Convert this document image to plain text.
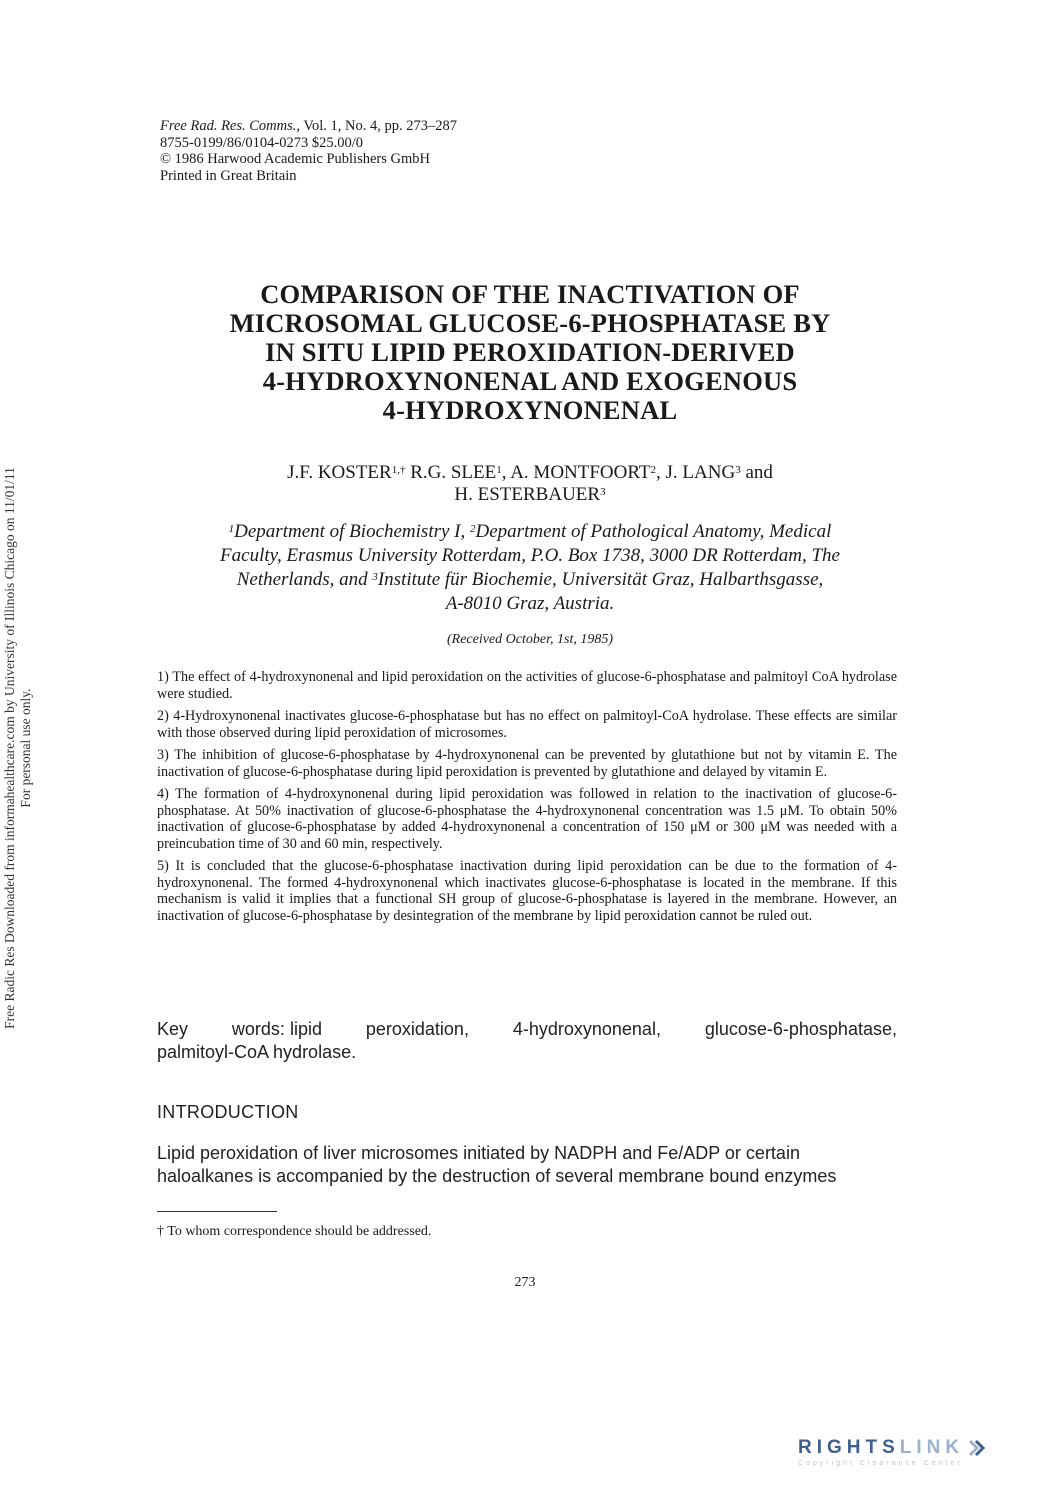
Free Rad. Res. Comms., Vol. 1, No. 4, pp. 273–287
8755-0199/86/0104-0273 $25.00/0
© 1986 Harwood Academic Publishers GmbH
Printed in Great Britain
COMPARISON OF THE INACTIVATION OF
MICROSOMAL GLUCOSE-6-PHOSPHATASE BY
IN SITU LIPID PEROXIDATION-DERIVED
4-HYDROXYNONENAL AND EXOGENOUS
4-HYDROXYNONENAL
J.F. $KOSTER^{1,\dagger}$ R.G. SLEE$^1$, A. MONTFOORT$^2$, J. LANG$^3$ and
H. ESTERBAUER$^3$
$^1$Department of Biochemistry I, $^2$Department of Pathological Anatomy, Medical
Faculty, Erasmus University Rotterdam, P.O. Box 1738, 3000 DR Rotterdam, The
Netherlands, and $^3$Institute für Biochemie, Universität Graz, Halbarthsgasse,
A-8010 Graz, Austria.
(Received October, 1st, 1985)

1) The effect of 4-hydroxynonenal and lipid peroxidation on the activities of glucose-6-phosphatase and palmitoyl CoA hydrolase were studied.

2) 4-Hydroxynonenal inactivates glucose-6-phosphatase but has no effect on palmitoyl-CoA hydrolase. These effects are similar with those observed during lipid peroxidation of microsomes.

3) The inhibition of glucose-6-phosphatase by 4-hydroxynonenal can be prevented by glutathione but not by vitamin E. The inactivation of glucose-6-phosphatase during lipid peroxidation is prevented by glutathione and delayed by vitamin E.

4) The formation of 4-hydroxynonenal during lipid peroxidation was followed in relation to the inactivation of glucose-6-phosphatase. At 50% inactivation of glucose-6-phosphatase the 4-hydroxynonenal concentration was 1.5 μM. To obtain 50% inactivation of glucose-6-phosphatase by added 4-hydroxynonenal a concentration of 150 μM or 300 μM was needed with a preincubation time of 30 and 60 min, respectively.

5) It is concluded that the glucose-6-phosphatase inactivation during lipid peroxidation can be due to the formation of 4-hydroxynonenal. The formed 4-hydroxynonenal which inactivates glucose-6-phosphatase is located in the membrane. If this mechanism is valid it implies that a functional SH group of glucose-6-phosphatase is layered in the membrane. However, an inactivation of glucose-6-phosphatase by desintegration of the membrane by lipid peroxidation cannot be ruled out.

Key words: lipid peroxidation, 4-hydroxynonenal, glucose-6-phosphatase,
palmitoyl-CoA hydrolase.
INTRODUCTION
Lipid peroxidation of liver microsomes initiated by NADPH and Fe/ADP or certain
haloalkanes is accompanied by the destruction of several membrane bound enzymes
† To whom correspondence should be addressed.
273
Free Radic Res Downloaded from informahealthcare.com by University of Illinois Chicago on 11/01/11 For personal use only.
RIGHTS LINK
Copyright Clearance Center
